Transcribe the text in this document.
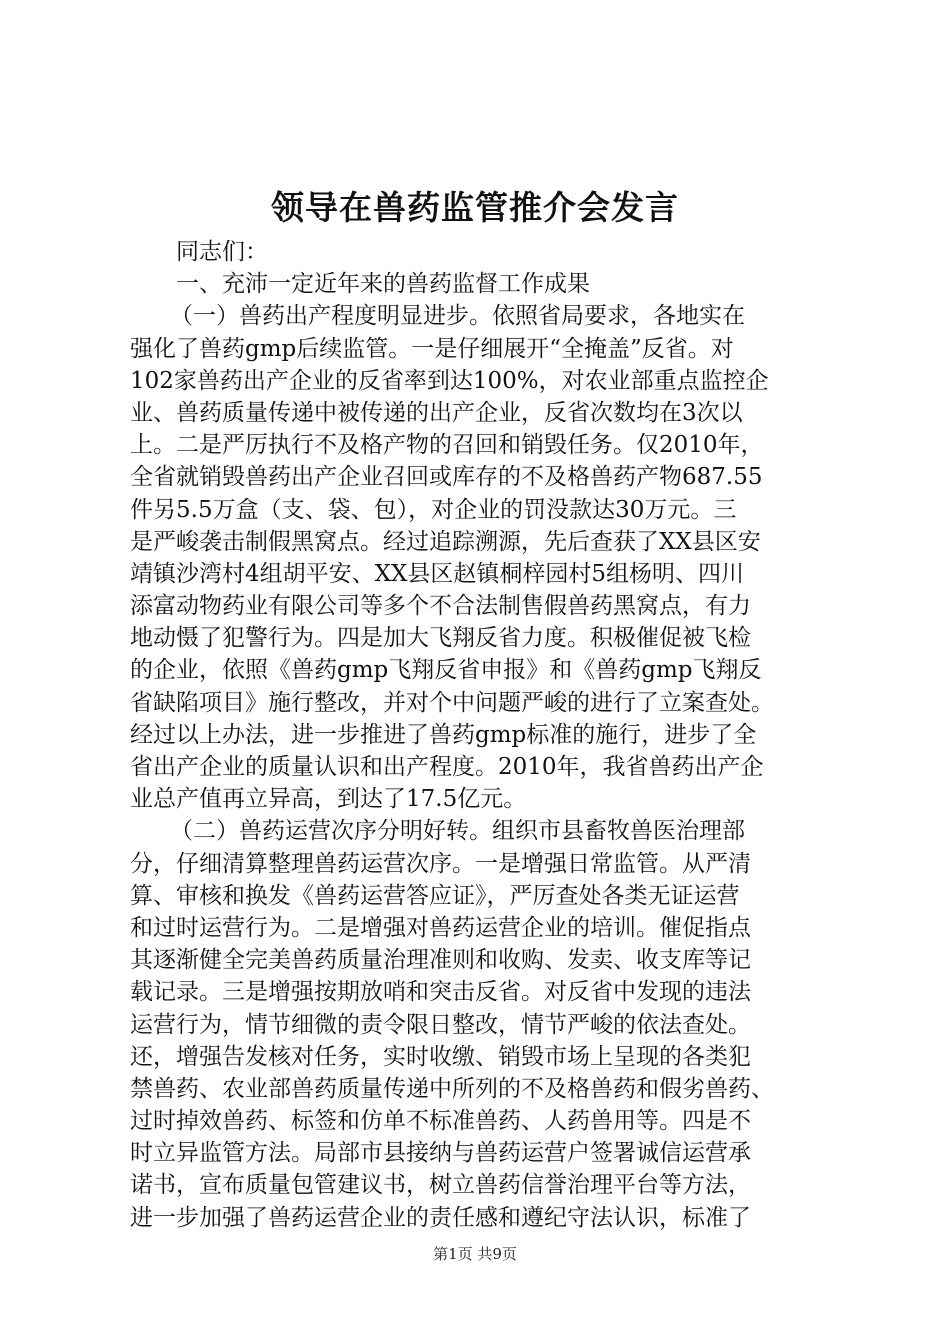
领导在兽药监管推介会发言
同志们：
一、充沛一定近年来的兽药监督工作成果
（一）兽药出产程度明显进步。依照省局要求，各地实在
强化了兽药gmp后续监管。一是仔细展开“全掩盖”反省。对
102家兽药出产企业的反省率到达100%，对农业部重点监控企
业、兽药质量传递中被传递的出产企业，反省次数均在3次以
上。二是严厉执行不及格产物的召回和销毁任务。仅2010年，
全省就销毁兽药出产企业召回或库存的不及格兽药产物687.55
件另5.5万盒（支、袋、包），对企业的罚没款达30万元。三
是严峻袭击制假黑窝点。经过追踪溯源，先后查获了XX县区安
靖镇沙湾村4组胡平安、XX县区赵镇桐梓园村5组杨明、四川
添富动物药业有限公司等多个不合法制售假兽药黑窝点，有力
地动慑了犯警行为。四是加大飞翔反省力度。积极催促被飞检
的企业，依照《兽药gmp飞翔反省申报》和《兽药gmp飞翔反
省缺陷项目》施行整改，并对个中问题严峻的进行了立案查处。
经过以上办法，进一步推进了兽药gmp标准的施行，进步了全
省出产企业的质量认识和出产程度。2010年，我省兽药出产企
业总产值再立异高，到达了17.5亿元。
（二）兽药运营次序分明好转。组织市县畜牧兽医治理部
分，仔细清算整理兽药运营次序。一是增强日常监管。从严清
算、审核和换发《兽药运营答应证》，严厉查处各类无证运营
和过时运营行为。二是增强对兽药运营企业的培训。催促指点
其逐渐健全完美兽药质量治理准则和收购、发卖、收支库等记
载记录。三是增强按期放哨和突击反省。对反省中发现的违法
运营行为，情节细微的责令限日整改，情节严峻的依法查处。
还，增强告发核对任务，实时收缴、销毁市场上呈现的各类犯
禁兽药、农业部兽药质量传递中所列的不及格兽药和假劣兽药、
过时掉效兽药、标签和仿单不标准兽药、人药兽用等。四是不
时立异监管方法。局部市县接纳与兽药运营户签署诚信运营承
诺书，宣布质量包管建议书，树立兽药信誉治理平台等方法，
进一步加强了兽药运营企业的责任感和遵纪守法认识，标准了
第1页 共9页
